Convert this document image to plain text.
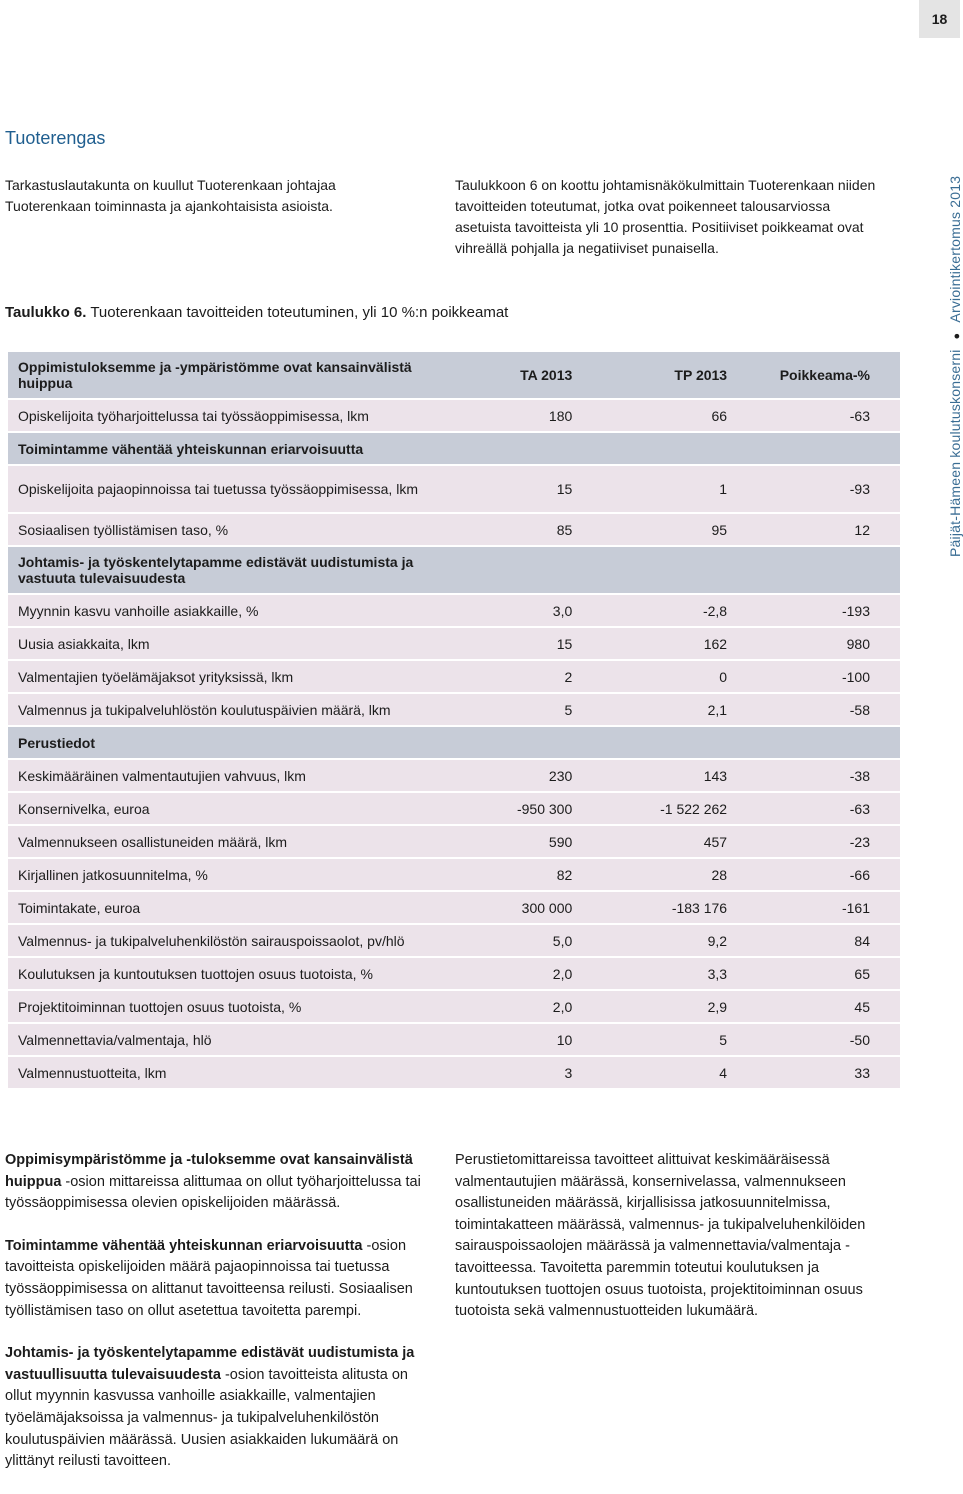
18
Päijät-Hämeen koulutuskonserni●Arviointikertomus 2013
Tuoterengas
Tarkastuslautakunta on kuullut Tuoterenkaan johtajaa Tuoterenkaan toiminnasta ja ajankohtaisista asioista.
Taulukkoon 6 on koottu johtamisnäkökulmittain Tuoterenkaan niiden tavoitteiden toteutumat, jotka ovat poikenneet talousarviossa asetuista tavoitteista yli 10 prosenttia. Positiiviset poikkeamat ovat vihreällä pohjalla ja negatiiviset punaisella.
Taulukko 6. Tuoterenkaan tavoitteiden toteutuminen, yli 10 %:n poikkeamat
Oppimistuloksemme ja -ympäristömme ovat kansainvälistä huippua	TA 2013	TP 2013	Poikkeama-%
Opiskelijoita työharjoittelussa tai työssäoppimisessa, lkm	180	66	-63
Toimintamme vähentää yhteiskunnan eriarvoisuutta			
Opiskelijoita pajaopinnoissa tai tuetussa työssäoppimisessa, lkm	15	1	-93
Sosiaalisen työllistämisen taso, %	85	95	12
Johtamis- ja työskentelytapamme edistävät uudistumista ja vastuuta tulevaisuudesta			
Myynnin kasvu vanhoille asiakkaille, %	3,0	-2,8	-193
Uusia asiakkaita, lkm	15	162	980
Valmentajien työelämäjaksot yrityksissä, lkm	2	0	-100
Valmennus ja tukipalveluhlöstön koulutuspäivien määrä, lkm	5	2,1	-58
Perustiedot			
Keskimääräinen valmentautujien vahvuus, lkm	230	143	-38
Konsernivelka, euroa	-950 300	-1 522 262	-63
Valmennukseen osallistuneiden määrä, lkm	590	457	-23
Kirjallinen jatkosuunnitelma, %	82	28	-66
Toimintakate, euroa	300 000	-183 176	-161
Valmennus- ja tukipalveluhenkilöstön sairauspoissaolot, pv/hlö	5,0	9,2	84
Koulutuksen ja kuntoutuksen tuottojen osuus tuotoista, %	2,0	3,3	65
Projektitoiminnan tuottojen osuus tuotoista, %	2,0	2,9	45
Valmennettavia/valmentaja, hlö	10	5	-50
Valmennustuotteita, lkm	3	4	33

Oppimisympäristömme ja -tuloksemme ovat kansainvälistä huippua -osion mittareissa alittumaa on ollut työharjoittelussa tai työssäoppimisessa olevien opiskelijoiden määrässä.

Toimintamme vähentää yhteiskunnan eriarvoisuutta -osion tavoitteista opiskelijoiden määrä pajaopinnoissa tai tuetussa työssäoppimisessa on alittanut tavoitteensa reilusti. Sosiaalisen työllistämisen taso on ollut asetettua tavoitetta parempi.

Johtamis- ja työskentelytapamme edistävät uudistumista ja vastuullisuutta tulevaisuudesta -osion tavoitteista alitusta on ollut myynnin kasvussa vanhoille asiakkaille, valmentajien työelämäjaksoissa ja valmennus- ja tukipalveluhenkilöstön koulutuspäivien määrässä. Uusien asiakkaiden lukumäärä on ylittänyt reilusti tavoitteen.

Perustietomittareissa tavoitteet alittuivat keskimääräisessä valmentautujien määrässä, konsernivelassa, valmennukseen osallistuneiden määrässä, kirjallisissa jatkosuunnitelmissa, toimintakatteen määrässä, valmennus- ja tukipalveluhenkilöiden sairauspoissaolojen määrässä ja valmennettavia/valmentaja -tavoitteessa. Tavoitetta paremmin toteutui koulutuksen ja kuntoutuksen tuottojen osuus tuotoista, projektitoiminnan osuus tuotoista sekä valmennustuotteiden lukumäärä.
